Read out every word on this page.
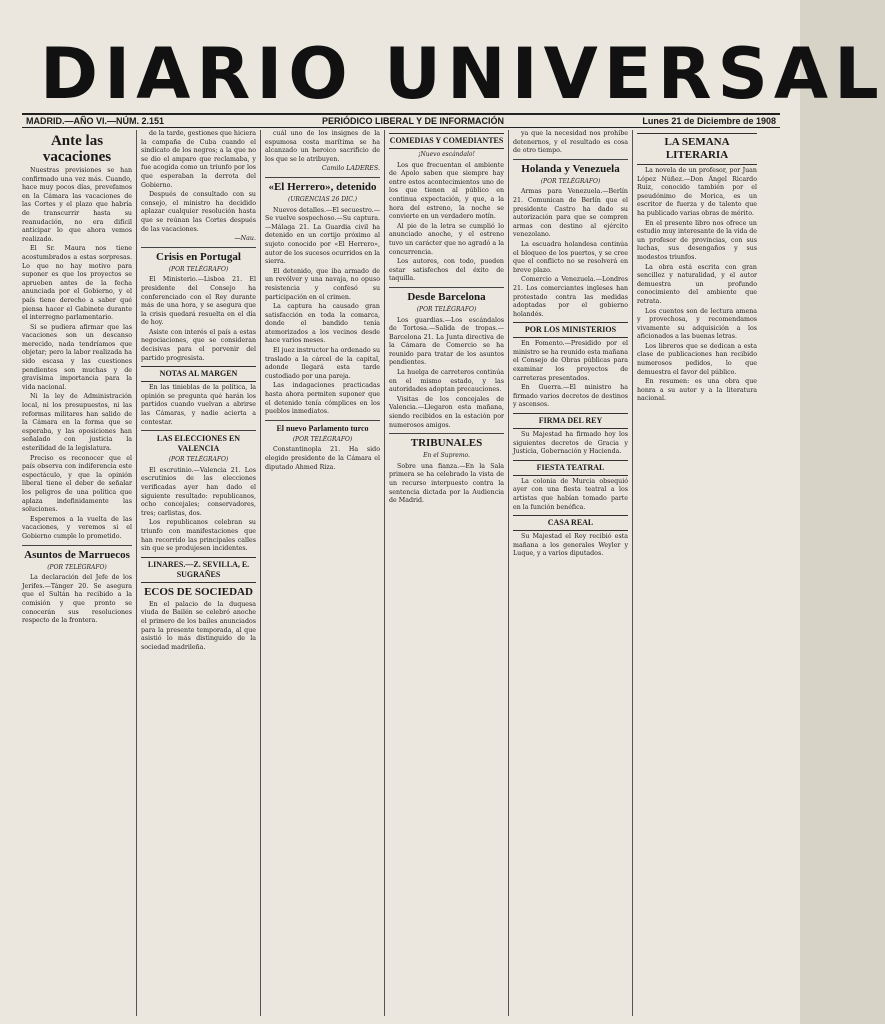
DIARIO UNIVERSAL
MADRID.—AÑO VI.—NÚM. 2.151	PERIÓDICO LIBERAL Y DE INFORMACIÓN	Lunes 21 de Diciembre de 1908
Ante las vacaciones

Nuestras previsiones se han confirmado una vez más. Cuando, hace muy pocos días, prevefamos en la Cámara las vacaciones de las Cortes y el plazo que habría de transcurrir hasta su reanudación, no era difícil anticipar lo que ahora vemos realizado.

El Sr. Maura nos tiene acostumbrados a estas sorpresas. Lo que no hay motivo para suponer es que los proyectos se aprueben antes de la fecha anunciada por el Gobierno, y el país tiene derecho a saber qué piensa hacer el Gabinete durante el interregno parlamentario.

Si se pudiera afirmar que las vacaciones son un descanso merecido, nada tendríamos que objetar; pero la labor realizada ha sido escasa y las cuestiones pendientes son muchas y de gravísima importancia para la vida nacional.

Ni la ley de Administración local, ni los presupuestos, ni las reformas militares han salido de la Cámara en la forma que se esperaba, y las oposiciones han señalado con justicia la esterilidad de la legislatura.

Preciso es reconocer que el país observa con indiferencia este espectáculo, y que la opinión liberal tiene el deber de señalar los peligros de una política que aplaza indefinidamente las soluciones.

Esperemos a la vuelta de las vacaciones, y veremos si el Gobierno cumple lo prometido.

Asuntos de Marruecos
(POR TELÉGRAFO)

La declaración del Jefe de los Jerifes.—Tánger 20. Se asegura que el Sultán ha recibido a la comisión y que pronto se conocerán sus resoluciones respecto de la frontera.

de la tarde, gestiones que hiciera la campaña de Cuba cuando el sindicato de los negros; a la que no se dio el amparo que reclamaba, y fue acogida como un triunfo por los que esperaban la derrota del Gobierno.

Después de consultado con su consejo, el ministro ha decidido aplazar cualquier resolución hasta que se reúnan las Cortes después de las vacaciones.

—Nau.
Crisis en Portugal
(POR TELÉGRAFO)

El Ministerio.—Lisboa 21. El presidente del Consejo ha conferenciado con el Rey durante más de una hora, y se asegura que la crisis quedará resuelta en el día de hoy.

Asiste con interés el país a estas negociaciones, que se consideran decisivas para el porvenir del partido progresista.

NOTAS AL MARGEN

En las tinieblas de la política, la opinión se pregunta qué harán los partidos cuando vuelvan a abrirse las Cámaras, y nadie acierta a contestar.

LAS ELECCIONES EN VALENCIA
(POR TELÉGRAFO)

El escrutinio.—Valencia 21. Los escrutinios de las elecciones verificadas ayer han dado el siguiente resultado: republicanos, ocho concejales; conservadores, tres; carlistas, dos.

Los republicanos celebran su triunfo con manifestaciones que han recorrido las principales calles sin que se produjesen incidentes.

LINARES.—Z. SEVILLA, E. SUGRAÑES
ECOS DE SOCIEDAD

En el palacio de la duquesa viuda de Bailén se celebró anoche el primero de los bailes anunciados para la presente temporada, al que asistió lo más distinguido de la sociedad madrileña.

cuál uno de los insignes de la espumosa costa marítima se ha alcanzado un heroico sacrificio de los que se le atribuyen.

Camilo LADERES.
«El Herrero», detenido
(URGENCIAS 26 DIC.)

Nuevos detalles.—El secuestro.—Se vuelve sospechoso.—Su captura.—Málaga 21. La Guardia civil ha detenido en un cortijo próximo al sujeto conocido por «El Herrero», autor de los sucesos ocurridos en la sierra.

El detenido, que iba armado de un revólver y una navaja, no opuso resistencia y confesó su participación en el crimen.

La captura ha causado gran satisfacción en toda la comarca, donde el bandido tenía atemorizados a los vecinos desde hace varios meses.

El juez instructor ha ordenado su traslado a la cárcel de la capital, adonde llegará esta tarde custodiado por una pareja.

Las indagaciones practicadas hasta ahora permiten suponer que el detenido tenía cómplices en los pueblos inmediatos.

El nuevo Parlamento turco
(POR TELÉGRAFO)

Constantinopla 21. Ha sido elegido presidente de la Cámara el diputado Ahmed Riza.

COMEDIAS Y COMEDIANTES
¡Nuevo escándalo!

Los que frecuentan el ambiente de Apolo saben que siempre hay entre estos acontecimientos uno de los que tienen al público en continua expectación, y que, a la hora del estreno, la noche se convierte en un verdadero motín.

Al pie de la letra se cumplió lo anunciado anoche, y el estreno tuvo un carácter que no agradó a la concurrencia.

Los autores, con todo, pueden estar satisfechos del éxito de taquilla.

Desde Barcelona
(POR TELÉGRAFO)

Los guardias.—Los escándalos de Tortosa.—Salida de tropas.—Barcelona 21. La Junta directiva de la Cámara de Comercio se ha reunido para tratar de los asuntos pendientes.

La huelga de carreteros continúa en el mismo estado, y las autoridades adoptan precauciones.

Visitas de los concejales de Valencia.—Llegaron esta mañana, siendo recibidos en la estación por numerosos amigos.

TRIBUNALES
En el Supremo.

Sobre una fianza.—En la Sala primera se ha celebrado la vista de un recurso interpuesto contra la sentencia dictada por la Audiencia de Madrid.

ya que la necesidad nos prohíbe detenernos, y el resultado es cosa de otro tiempo.

Holanda y Venezuela
(POR TELÉGRAFO)

Armas para Venezuela.—Berlín 21. Comunican de Berlín que el presidente Castro ha dado su autorización para que se compren armas con destino al ejército venezolano.

La escuadra holandesa continúa el bloqueo de los puertos, y se cree que el conflicto no se resolverá en breve plazo.

Comercio a Venezuela.—Londres 21. Los comerciantes ingleses han protestado contra las medidas adoptadas por el gobierno holandés.

POR LOS MINISTERIOS

En Fomento.—Presidido por el ministro se ha reunido esta mañana el Consejo de Obras públicas para examinar los proyectos de carreteras presentados.

En Guerra.—El ministro ha firmado varios decretos de destinos y ascensos.

FIRMA DEL REY

Su Majestad ha firmado hoy los siguientes decretos de Gracia y Justicia, Gobernación y Hacienda.

FIESTA TEATRAL

La colonia de Murcia obsequió ayer con una fiesta teatral a los artistas que habían tomado parte en la función benéfica.

CASA REAL

Su Majestad el Rey recibió esta mañana a los generales Weyler y Luque, y a varios diputados.

LA SEMANA LITERARIA

La novela de un profesor, por Juan López Núñez.—Don Ángel Ricardo Ruiz, conocido también por el pseudónimo de Morica, es un escritor de fuerza y de talento que ha publicado varias obras de mérito.

En el presente libro nos ofrece un estudio muy interesante de la vida de un profesor de provincias, con sus luchas, sus desengaños y sus modestos triunfos.

La obra está escrita con gran sencillez y naturalidad, y el autor demuestra un profundo conocimiento del ambiente que retrata.

Los cuentos son de lectura amena y provechosa, y recomendamos vivamente su adquisición a los aficionados a las buenas letras.

Los libreros que se dedican a esta clase de publicaciones han recibido numerosos pedidos, lo que demuestra el favor del público.

En resumen: es una obra que honra a su autor y a la literatura nacional.
